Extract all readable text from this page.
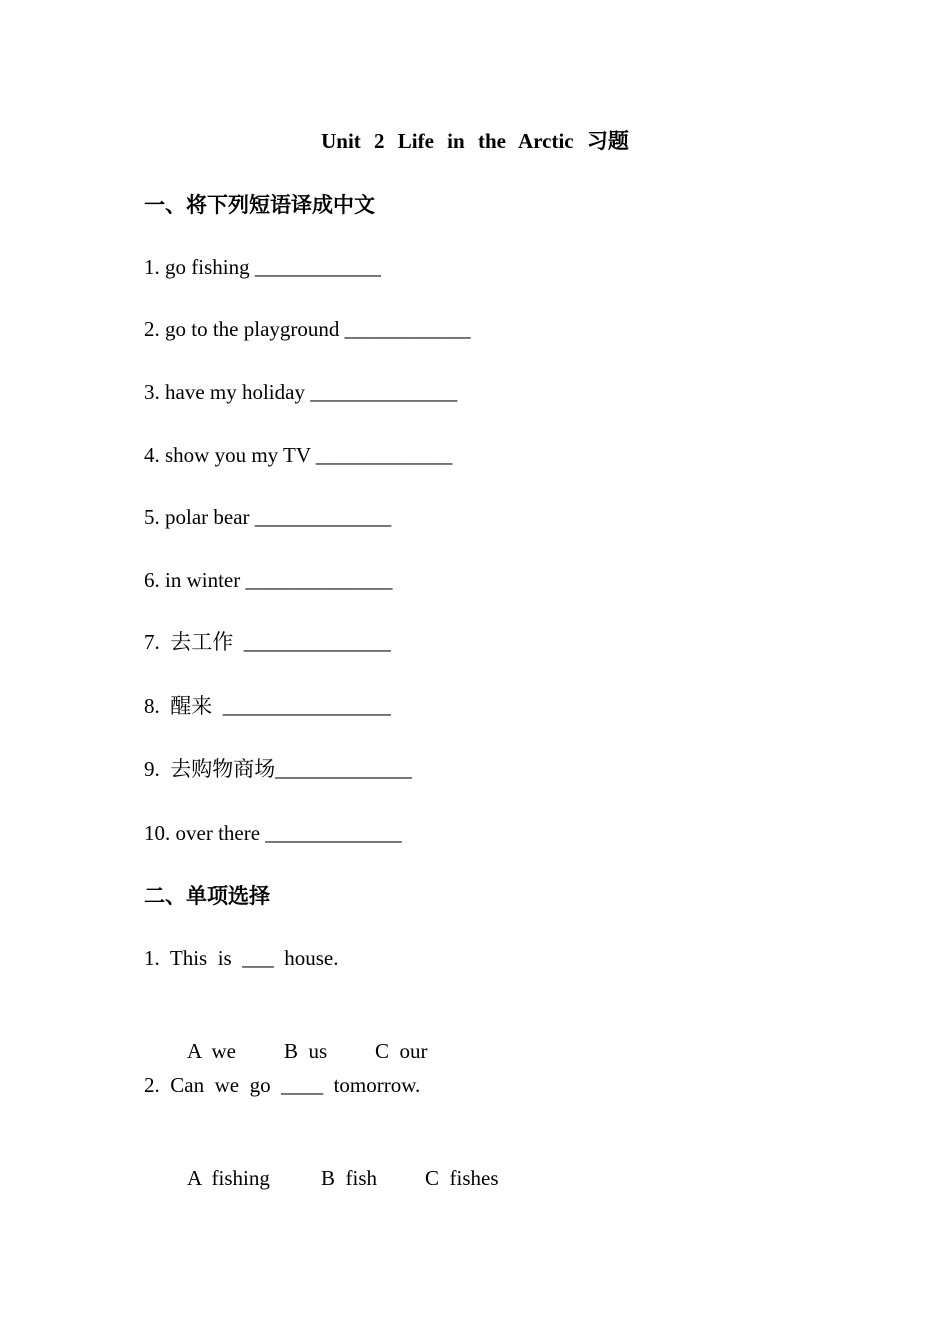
Unit 2 Life in the Arctic 习题
一、将下列短语译成中文
1. go fishing ____________
2. go to the playground ____________
3. have my holiday ______________
4. show you my TV _____________
5. polar bear _____________
6. in winter ______________
7.  去工作  ______________
8.  醒来  ________________
9.  去购物商场_____________
10. over there _____________
二、单项选择
1.  This  is  ___  house.

A  we B  us C  our

2.  Can  we  go  ____  tomorrow.

A  fishing B  fish C  fishes
